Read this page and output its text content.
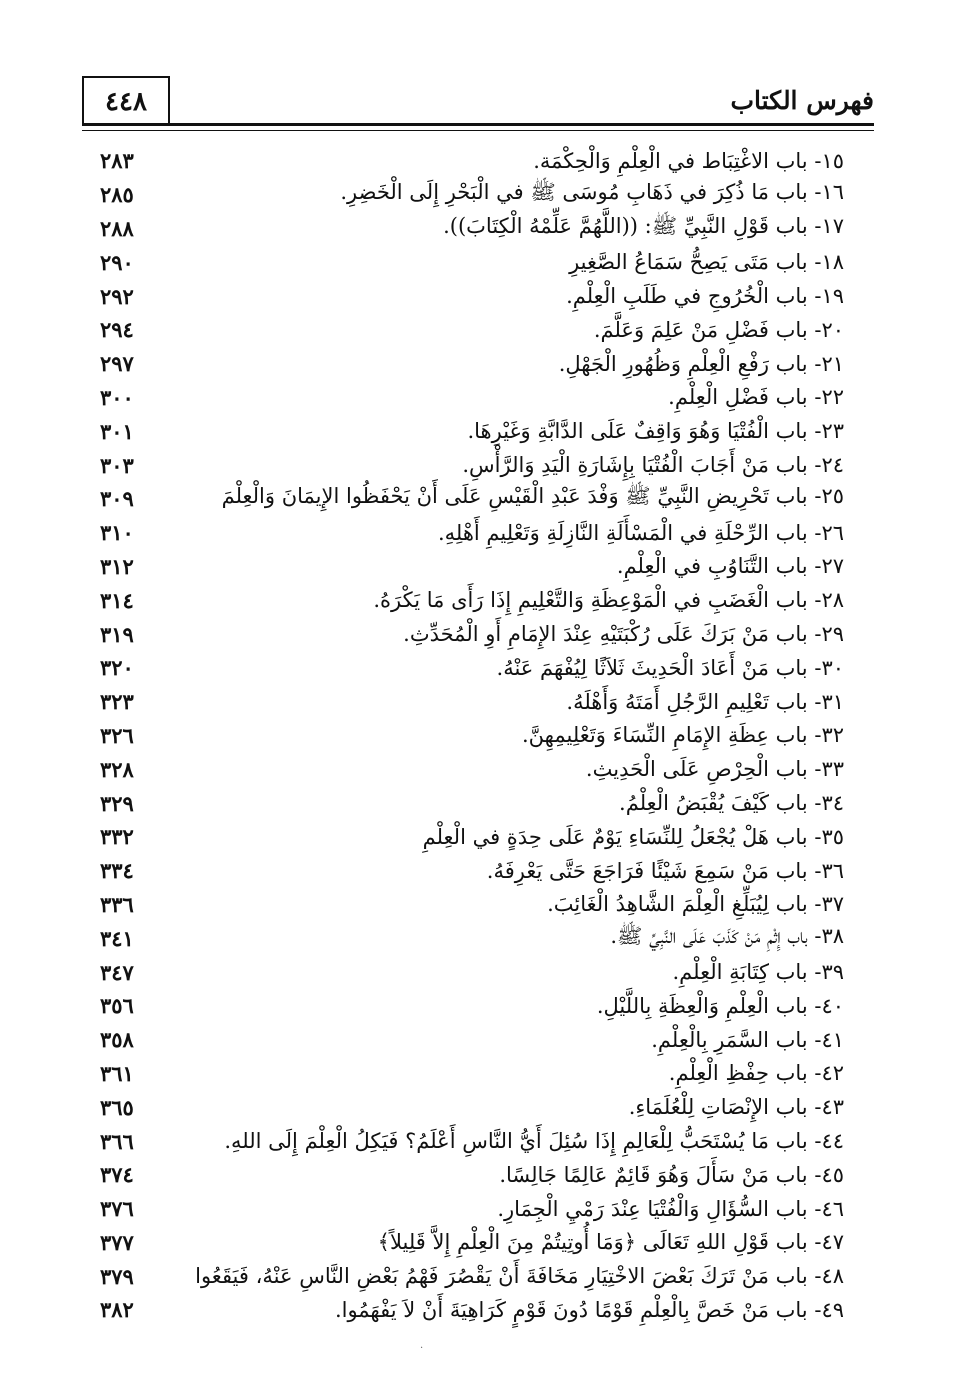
٤٤٨	فهرس الكتاب
١٥- باب الاغْتِبَاط في الْعِلْمِ وَالْحِكْمَة.
٢٨٣
١٦- باب مَا ذُكِرَ في ذَهَابِ مُوسَى ﷺ في الْبَحْرِ إِلَى الْخَضِرِ.
٢٨٥
١٧- باب قَوْلِ النَّبِيِّ ﷺ: ((اللَّهُمَّ عَلِّمْهُ الْكِتَابَ)).
٢٨٨
١٨- باب مَتَى يَصِحُّ سَمَاعُ الصَّغِيرِ
٢٩٠
١٩- باب الْخُرُوجِ في طَلَبِ الْعِلْمِ.
٢٩٢
٢٠- باب فَضْلِ مَنْ عَلِمَ وَعَلَّمَ.
٢٩٤
٢١- باب رَفْعِ الْعِلْمِ وَظُهُورِ الْجَهْلِ.
٢٩٧
٢٢- باب فَضْلِ الْعِلْمِ.
٣٠٠
٢٣- باب الْفُتْيَا وَهُوَ وَاقِفٌ عَلَى الدَّابَّةِ وَغَيْرِهَا.
٣٠١
٢٤- باب مَنْ أَجَابَ الْفُتْيَا بِإِشَارَةِ الْيَدِ وَالرَّأْسِ.
٣٠٣
٢٥- باب تَحْرِيضِ النَّبِيِّ ﷺ وَفْدَ عَبْدِ الْقَيْسِ عَلَى أَنْ يَحْفَظُوا الإِيمَانَ وَالْعِلْمَ
٣٠٩
٢٦- باب الرِّحْلَةِ في الْمَسْأَلَةِ النَّازِلَةِ وَتَعْلِيمِ أَهْلِهِ.
٣١٠
٢٧- باب التَّنَاوُبِ في الْعِلْمِ.
٣١٢
٢٨- باب الْغَضَبِ في الْمَوْعِظَةِ وَالتَّعْلِيمِ إِذَا رَأَى مَا يَكْرَهُ.
٣١٤
٢٩- باب مَنْ بَرَكَ عَلَى رُكْبَتَيْهِ عِنْدَ الإِمَامِ أَوِ الْمُحَدِّثِ.
٣١٩
٣٠- باب مَنْ أَعَادَ الْحَدِيثَ ثَلاَثًا لِيُفْهَمَ عَنْهُ.
٣٢٠
٣١- باب تَعْلِيمِ الرَّجُلِ أَمَتَهُ وَأَهْلَهُ.
٣٢٣
٣٢- باب عِظَةِ الإِمَامِ النِّسَاءَ وَتَعْلِيمِهِنَّ.
٣٢٦
٣٣- باب الْحِرْصِ عَلَى الْحَدِيثِ.
٣٢٨
٣٤- باب كَيْفَ يُقْبَضُ الْعِلْمُ.
٣٢٩
٣٥- باب هَلْ يُجْعَلُ لِلنِّسَاءِ يَوْمٌ عَلَى حِدَةٍ في الْعِلْمِ
٣٣٢
٣٦- باب مَنْ سَمِعَ شَيْئًا فَرَاجَعَ حَتَّى يَعْرِفَهُ.
٣٣٤
٣٧- باب لِيُبَلِّغِ الْعِلْمَ الشَّاهِدُ الْغَائِبَ.
٣٣٦
٣٨- باب إِثْمِ مَنْ كَذَبَ عَلَى النَّبِيِّ ﷺ.
٣٤١
٣٩- باب كِتَابَةِ الْعِلْمِ.
٣٤٧
٤٠- باب الْعِلْمِ وَالْعِظَةِ بِاللَّيْلِ.
٣٥٦
٤١- باب السَّمَرِ بِالْعِلْمِ.
٣٥٨
٤٢- باب حِفْظِ الْعِلْمِ.
٣٦١
٤٣- باب الإِنْصَاتِ لِلْعُلَمَاءِ.
٣٦٥
٤٤- باب مَا يُسْتَحَبُّ لِلْعَالِمِ إِذَا سُئِلَ أَيُّ النَّاسِ أَعْلَمُ؟ فَيَكِلُ الْعِلْمَ إِلَى اللهِ.
٣٦٦
٤٥- باب مَنْ سَأَلَ وَهُوَ قَائِمٌ عَالِمًا جَالِسًا.
٣٧٤
٤٦- باب السُّؤَالِ وَالْفُتْيَا عِنْدَ رَمْيِ الْجِمَارِ.
٣٧٦
٤٧- باب قَوْلِ اللهِ تَعَالَى ﴿وَمَا أُوتِيتُمْ مِنَ الْعِلْمِ إِلاَّ قَلِيلاً﴾
٣٧٧
٤٨- باب مَنْ تَرَكَ بَعْضَ الاخْتِيَارِ مَخَافَةَ أَنْ يَقْصُرَ فَهْمُ بَعْضِ النَّاسِ عَنْهُ، فَيَقَعُوا
٣٧٩
٤٩- باب مَنْ خَصَّ بِالْعِلْمِ قَوْمًا دُونَ قَوْمٍ كَرَاهِيَةَ أَنْ لاَ يَفْهَمُوا.
٣٨٢
.
